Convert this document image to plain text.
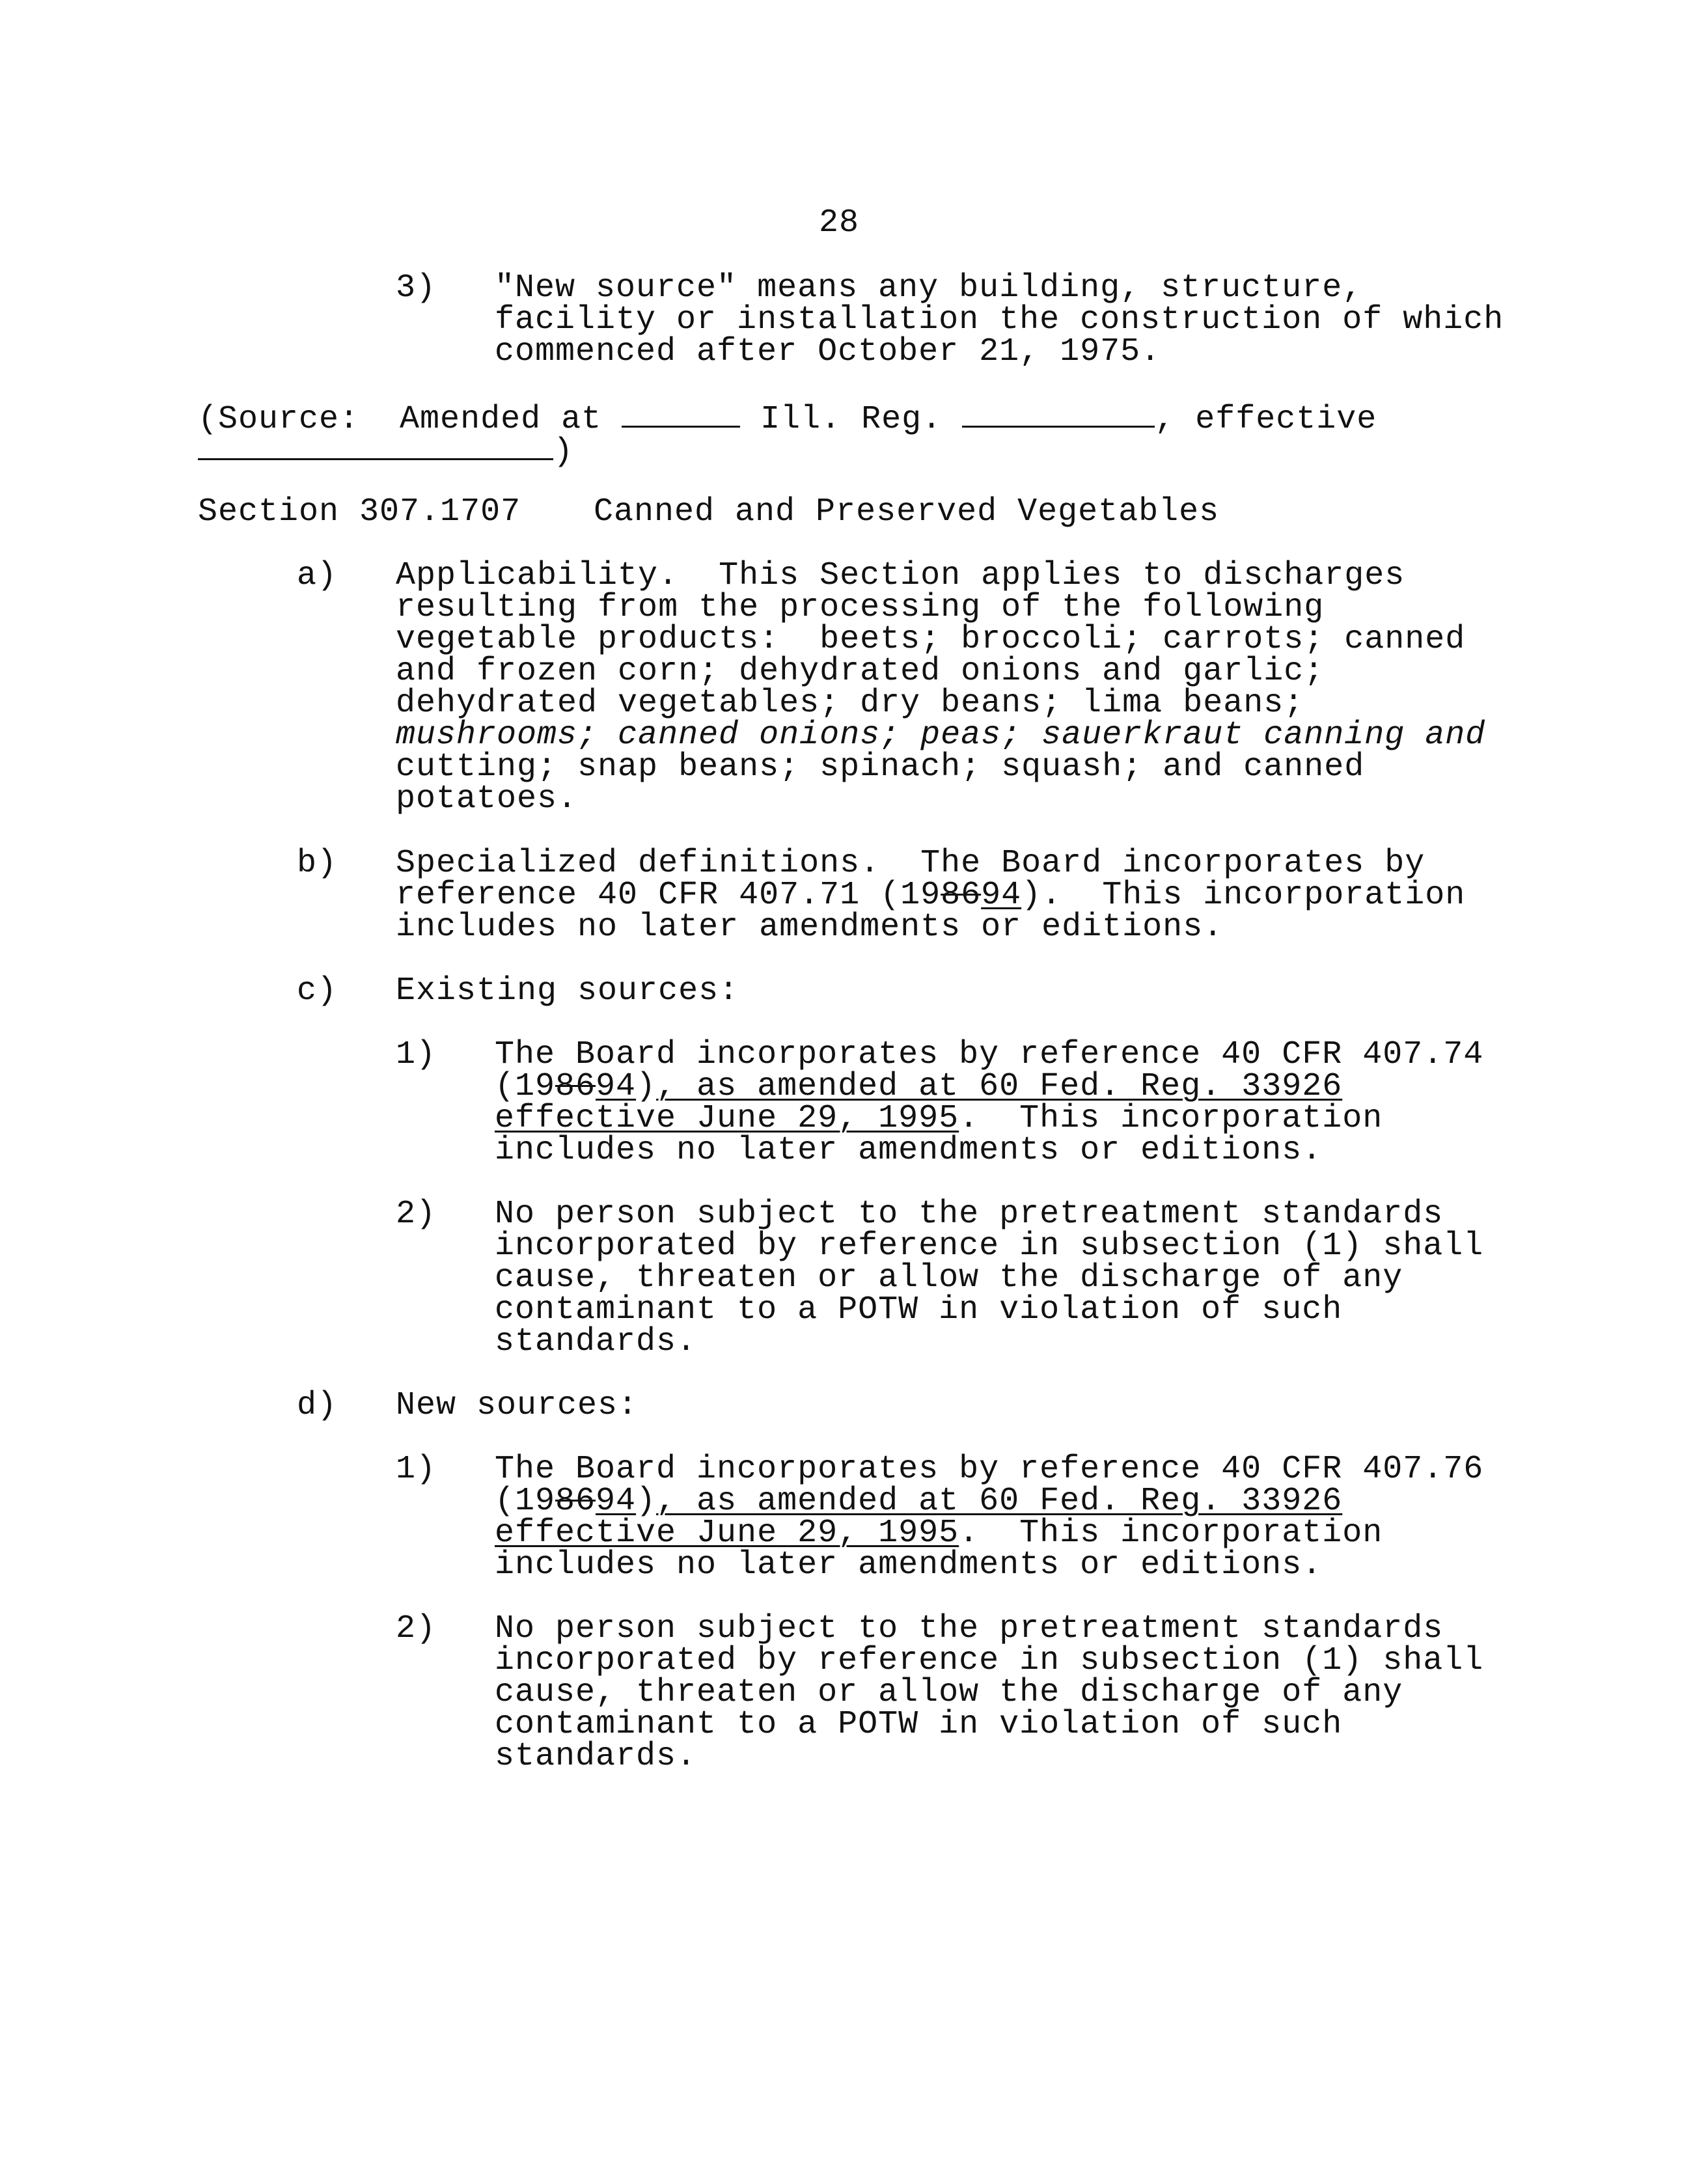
28
3) "New source" means any building, structure,
facility or installation the construction of which
commenced after October 21, 1975.
(Source:  Amended at	Ill. Reg.	, effective
)
Section 307.1707 Canned and Preserved Vegetables
a) Applicability.  This Section applies to discharges
resulting from the processing of the following
vegetable products:  beets; broccoli; carrots; canned
and frozen corn; dehydrated onions and garlic;
dehydrated vegetables; dry beans; lima beans;
mushrooms; canned onions; peas; sauerkraut canning and
cutting; snap beans; spinach; squash; and canned
potatoes.
b) Specialized definitions.  The Board incorporates by
reference 40 CFR 407.71 (198694).  This incorporation
includes no later amendments or editions.
c) Existing sources:
1) The Board incorporates by reference 40 CFR 407.74
(198694), as amended at 60 Fed. Reg. 33926
effective June 29, 1995.  This incorporation
includes no later amendments or editions.
2) No person subject to the pretreatment standards
incorporated by reference in subsection (1) shall
cause, threaten or allow the discharge of any
contaminant to a POTW in violation of such
standards.
d) New sources:
1) The Board incorporates by reference 40 CFR 407.76
(198694), as amended at 60 Fed. Reg. 33926
effective June 29, 1995.  This incorporation
includes no later amendments or editions.
2) No person subject to the pretreatment standards
incorporated by reference in subsection (1) shall
cause, threaten or allow the discharge of any
contaminant to a POTW in violation of such
standards.
